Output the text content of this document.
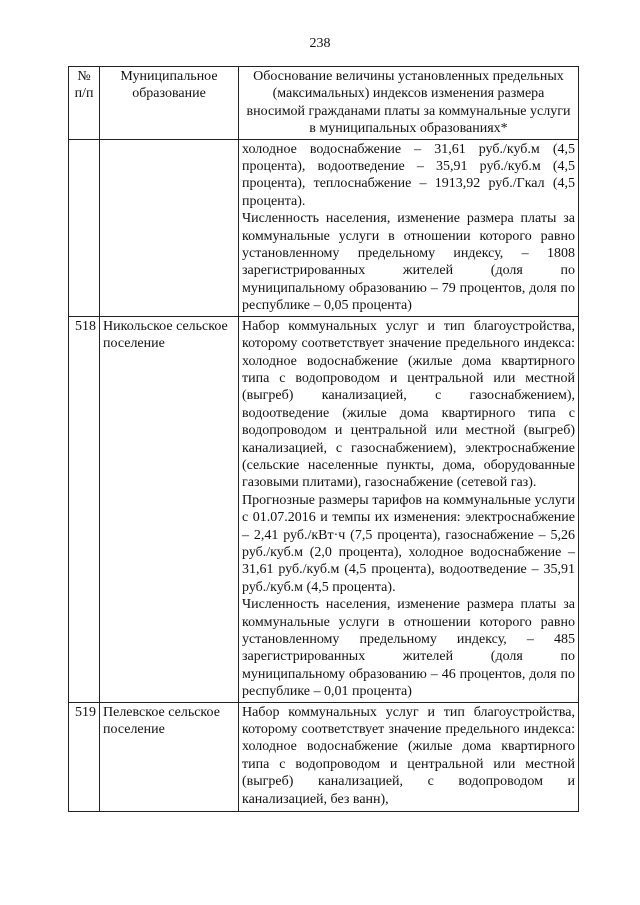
238
№ п/п	Муниципальное образование	Обоснование величины установленных предельных (максимальных) индексов изменения размера вносимой гражданами платы за коммунальные услуги в муниципальных образованиях*

		холодное водоснабжение – 31,61 руб./куб.м (4,5 процента), водоотведение – 35,91 руб./куб.м (4,5 процента), теплоснабжение – 1913,92 руб./Гкал (4,5 процента).

Численность населения, изменение размера платы за коммунальные услуги в отношении которого равно установленному предельному индексу, – 1808 зарегистрированных жителей (доля по муниципальному образованию – 79 процентов, доля по республике – 0,05 процента)

518	Никольское сельское поселение	Набор коммунальных услуг и тип благоустройства, которому соответствует значение предельного индекса: холодное водоснабжение (жилые дома квартирного типа с водопроводом и центральной или местной (выгреб) канализацией, с газоснабжением), водоотведение (жилые дома квартирного типа с водопроводом и центральной или местной (выгреб) канализацией, с газоснабжением), электроснабжение (сельские населенные пункты, дома, оборудованные газовыми плитами), газоснабжение (сетевой газ).

Прогнозные размеры тарифов на коммунальные услуги с 01.07.2016 и темпы их изменения: электроснабжение – 2,41 руб./кВт·ч (7,5 процента), газоснабжение – 5,26 руб./куб.м (2,0 процента), холодное водоснабжение – 31,61 руб./куб.м (4,5 процента), водоотведение – 35,91 руб./куб.м (4,5 процента).

Численность населения, изменение размера платы за коммунальные услуги в отношении которого равно установленному предельному индексу, – 485 зарегистрированных жителей (доля по муниципальному образованию – 46 процентов, доля по республике – 0,01 процента)

519	Пелевское сельское поселение	Набор коммунальных услуг и тип благоустройства, которому соответствует значение предельного индекса: холодное водоснабжение (жилые дома квартирного типа с водопроводом и центральной или местной (выгреб) канализацией, с водопроводом и канализацией, без ванн),
